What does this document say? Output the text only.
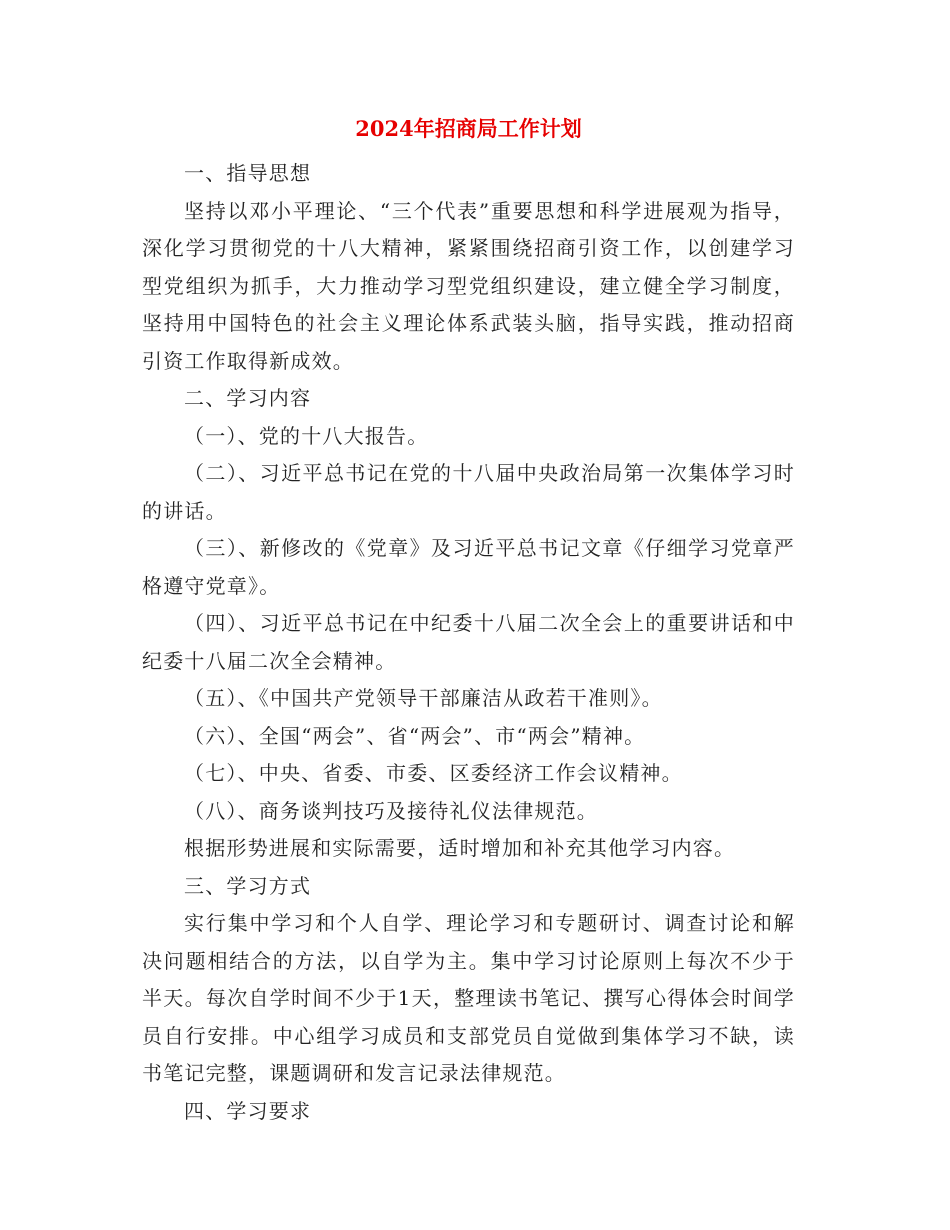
2024年招商局工作计划

一、指导思想

坚持以邓小平理论、“三个代表”重要思想和科学进展观为指导，深化学习贯彻党的十八大精神，紧紧围绕招商引资工作，以创建学习型党组织为抓手，大力推动学习型党组织建设，建立健全学习制度，坚持用中国特色的社会主义理论体系武装头脑，指导实践，推动招商引资工作取得新成效。

二、学习内容

（一）、党的十八大报告。

（二）、习近平总书记在党的十八届中央政治局第一次集体学习时的讲话。

（三）、新修改的《党章》及习近平总书记文章《仔细学习党章严格遵守党章》。

（四）、习近平总书记在中纪委十八届二次全会上的重要讲话和中纪委十八届二次全会精神。

（五）、《中国共产党领导干部廉洁从政若干准则》。

（六）、全国“两会”、省“两会”、市“两会”精神。

（七）、中央、省委、市委、区委经济工作会议精神。

（八）、商务谈判技巧及接待礼仪法律规范。

根据形势进展和实际需要，适时增加和补充其他学习内容。

三、学习方式

实行集中学习和个人自学、理论学习和专题研讨、调查讨论和解决问题相结合的方法，以自学为主。集中学习讨论原则上每次不少于半天。每次自学时间不少于1天，整理读书笔记、撰写心得体会时间学员自行安排。中心组学习成员和支部党员自觉做到集体学习不缺，读书笔记完整，课题调研和发言记录法律规范。

四、学习要求
